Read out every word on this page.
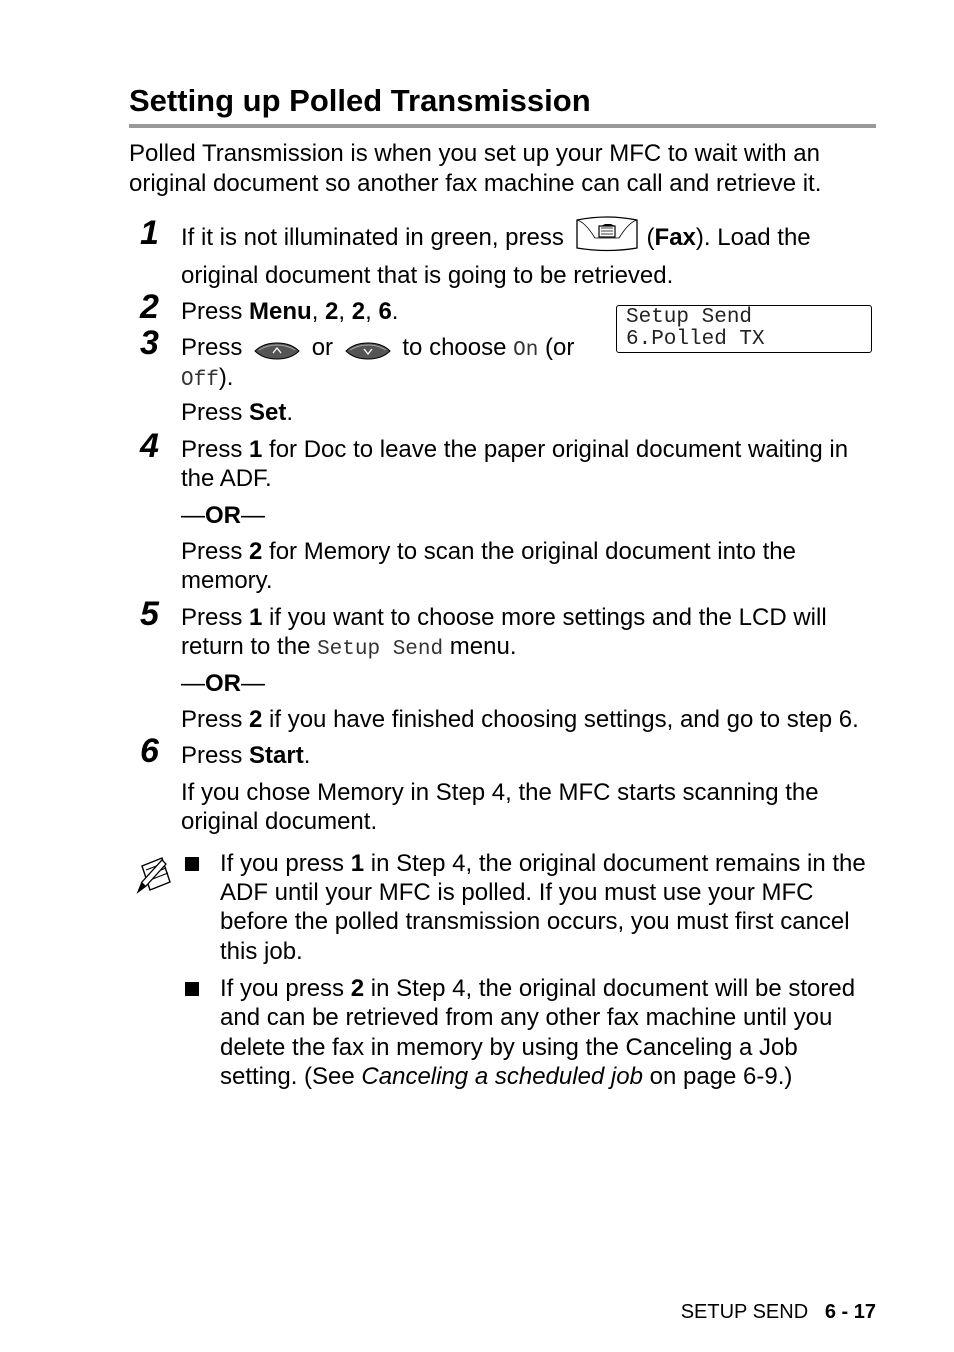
Setting up Polled Transmission
Polled Transmission is when you set up your MFC to wait with an
original document so another fax machine can call and retrieve it.
1 If it is not illuminated in green, press	(Fax). Load the
original document that is going to be retrieved.
2 Press Menu, 2, 2, 6.	Setup Send
6.Polled TX
3 Press	or	to choose On (or
Off).
Press Set.
4 Press 1 for Doc to leave the paper original document waiting in
the ADF.
—OR—
Press 2 for Memory to scan the original document into the
memory.
5 Press 1 if you want to choose more settings and the LCD will
return to the Setup Send menu.
—OR—
Press 2 if you have finished choosing settings, and go to step 6.
6 Press Start.
If you chose Memory in Step 4, the MFC starts scanning the
original document.
If you press 1 in Step 4, the original document remains in the
ADF until your MFC is polled. If you must use your MFC
before the polled transmission occurs, you must first cancel
this job.
If you press 2 in Step 4, the original document will be stored
and can be retrieved from any other fax machine until you
delete the fax in memory by using the Canceling a Job
setting. (See Canceling a scheduled job on page 6-9.)
SETUP SEND 6 - 17
